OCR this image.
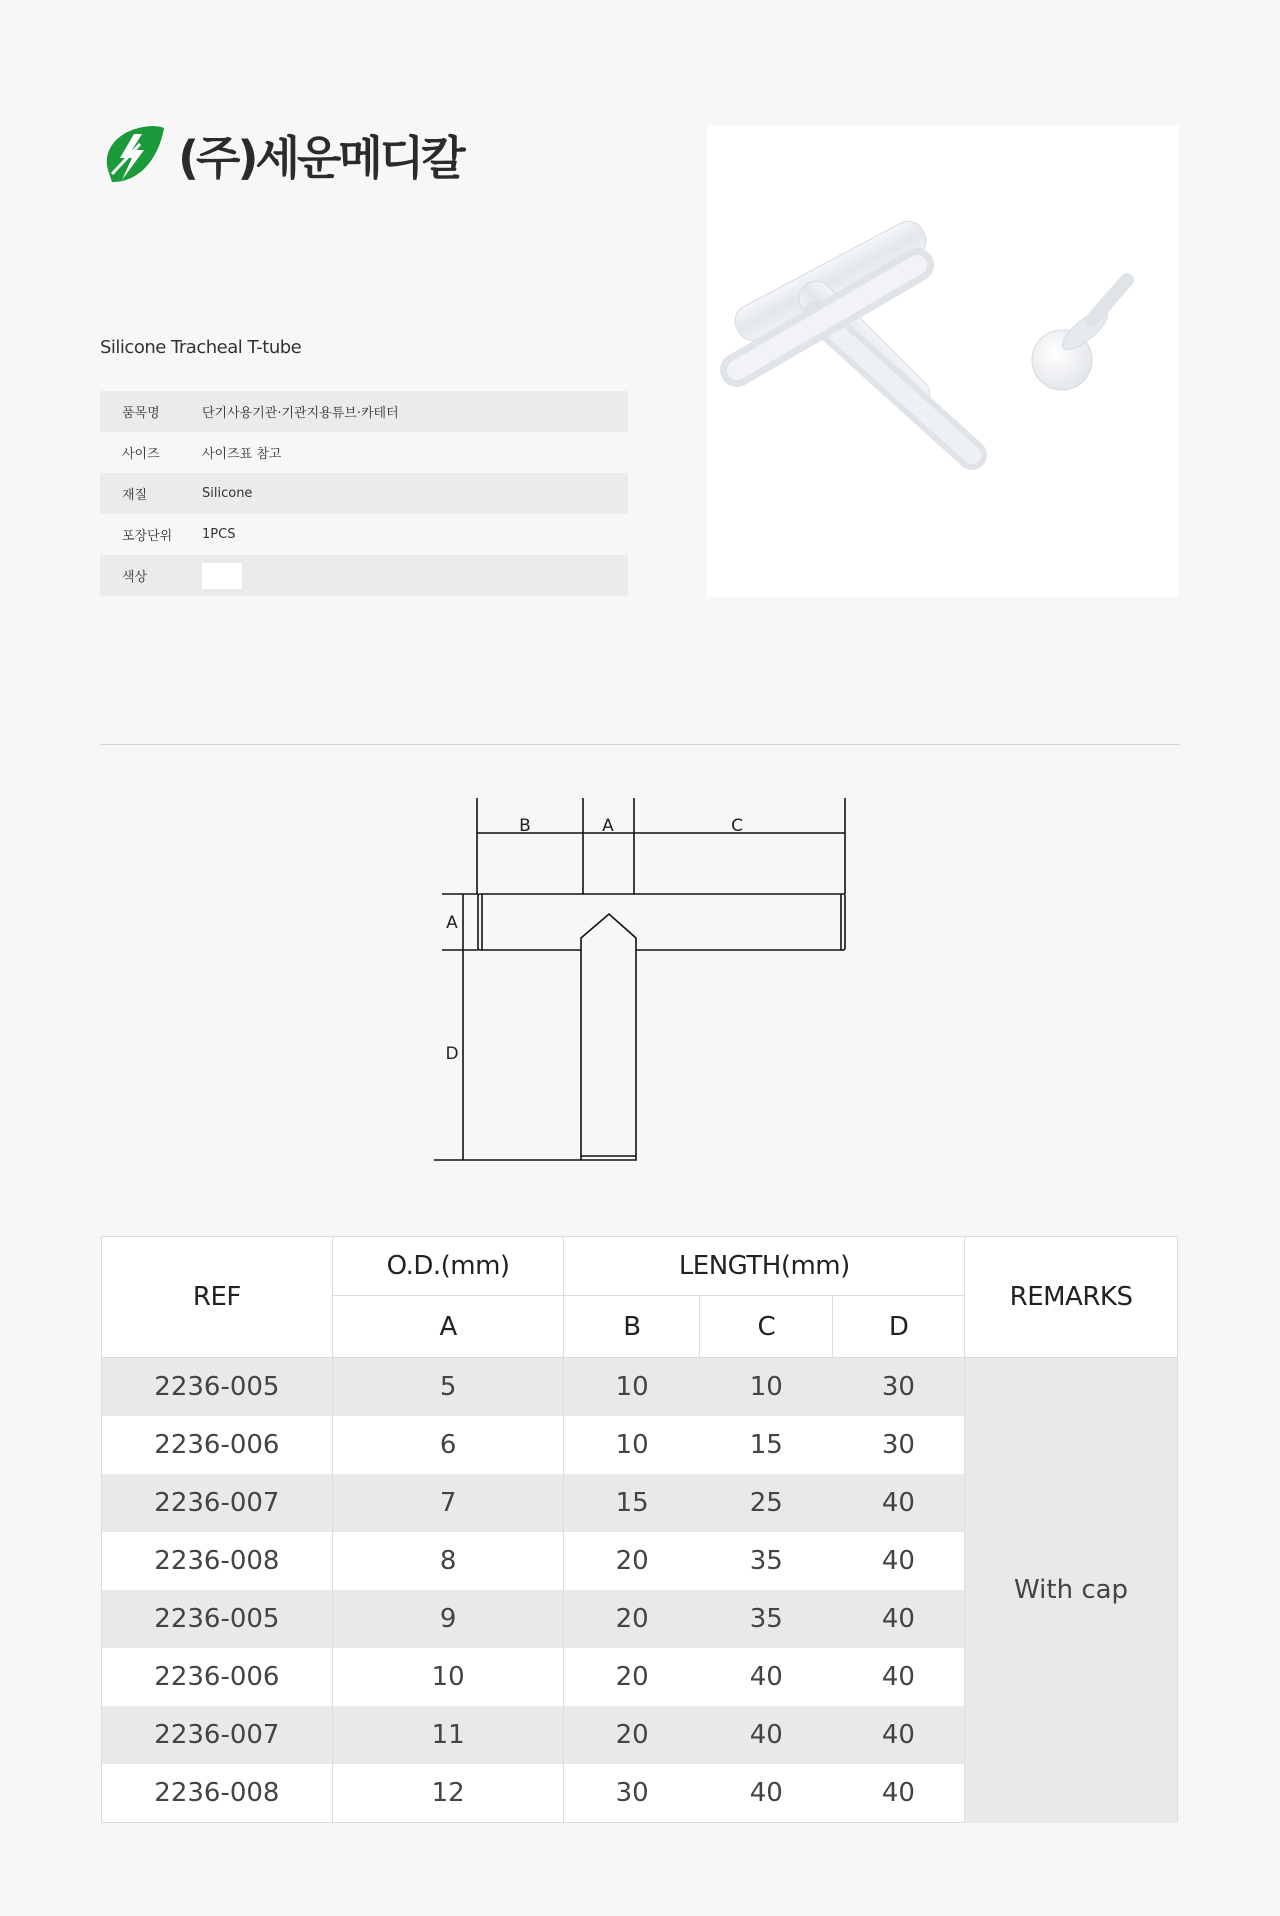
(주)세운메디칼
Silicone Tracheal T-tube
품목명	단기사용기관·기관지용튜브·카테터
사이즈	사이즈표 참고
재질	Silicone
포장단위	1PCS
색상	
B	A	C
A
D
REF	O.D.(mm)	LENGTH(mm)			REMARKS
	A	B	C	D	
2236-005	5	10	10	30	With cap
2236-006	6	10	15	30	
2236-007	7	15	25	40	
2236-008	8	20	35	40	
2236-005	9	20	35	40	
2236-006	10	20	40	40	
2236-007	11	20	40	40	
2236-008	12	30	40	40	
